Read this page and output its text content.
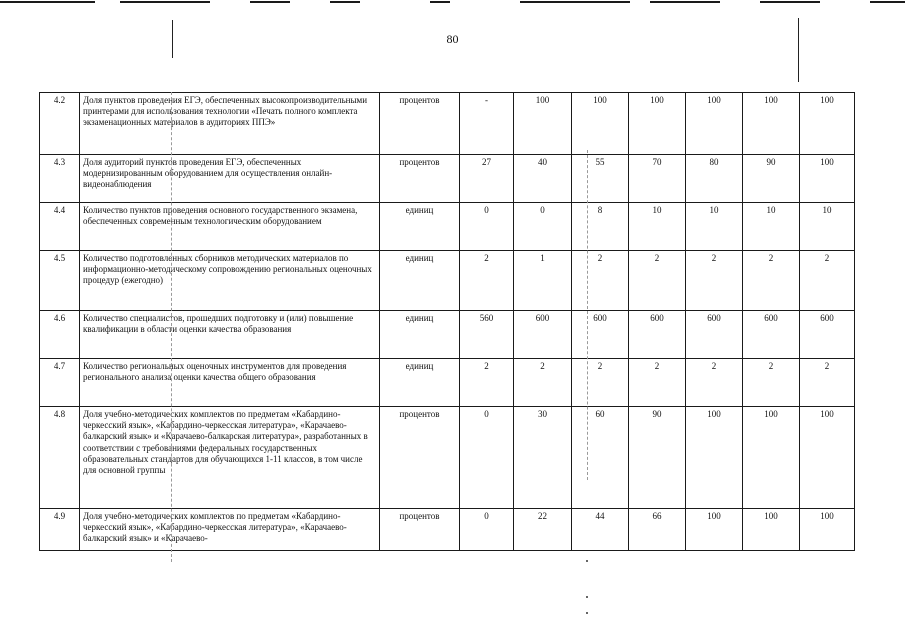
80
4.2	Доля пунктов проведения ЕГЭ, обеспеченных высокопроизводительными принтерами для использования технологии «Печать полного комплекта экзаменационных материалов в аудиториях ППЭ»	процентов	-	100	100	100	100	100	100
4.3	Доля аудиторий пунктов проведения ЕГЭ, обеспеченных модернизированным оборудованием для осуществления онлайн- видеонаблюдения	процентов	27	40	55	70	80	90	100
4.4	Количество пунктов проведения основного государственного экзамена, обеспеченных современным технологическим оборудованием	единиц	0	0	8	10	10	10	10
4.5	Количество подготовленных сборников методических материалов по информационно-методическому сопровождению региональных оценочных процедур (ежегодно)	единиц	2	1	2	2	2	2	2
4.6	Количество специалистов, прошедших подготовку и (или) повышение квалификации в области оценки качества образования	единиц	560	600	600	600	600	600	600
4.7	Количество региональных оценочных инструментов для проведения регионального анализа оценки качества общего образования	единиц	2	2	2	2	2	2	2
4.8	Доля учебно-методических комплектов по предметам «Кабардино-черкесский язык», «Кабардино-черкесская литература», «Карачаево-балкарский язык» и «Карачаево-балкарская литература», разработанных в соответствии с требованиями федеральных государственных образовательных стандартов для обучающихся 1-11 классов, в том числе для основной группы	процентов	0	30	60	90	100	100	100
4.9	Доля учебно-методических комплектов по предметам «Кабардино-черкесский язык», «Кабардино-черкесская литература», «Карачаево-балкарский язык» и «Карачаево-	процентов	0	22	44	66	100	100	100
